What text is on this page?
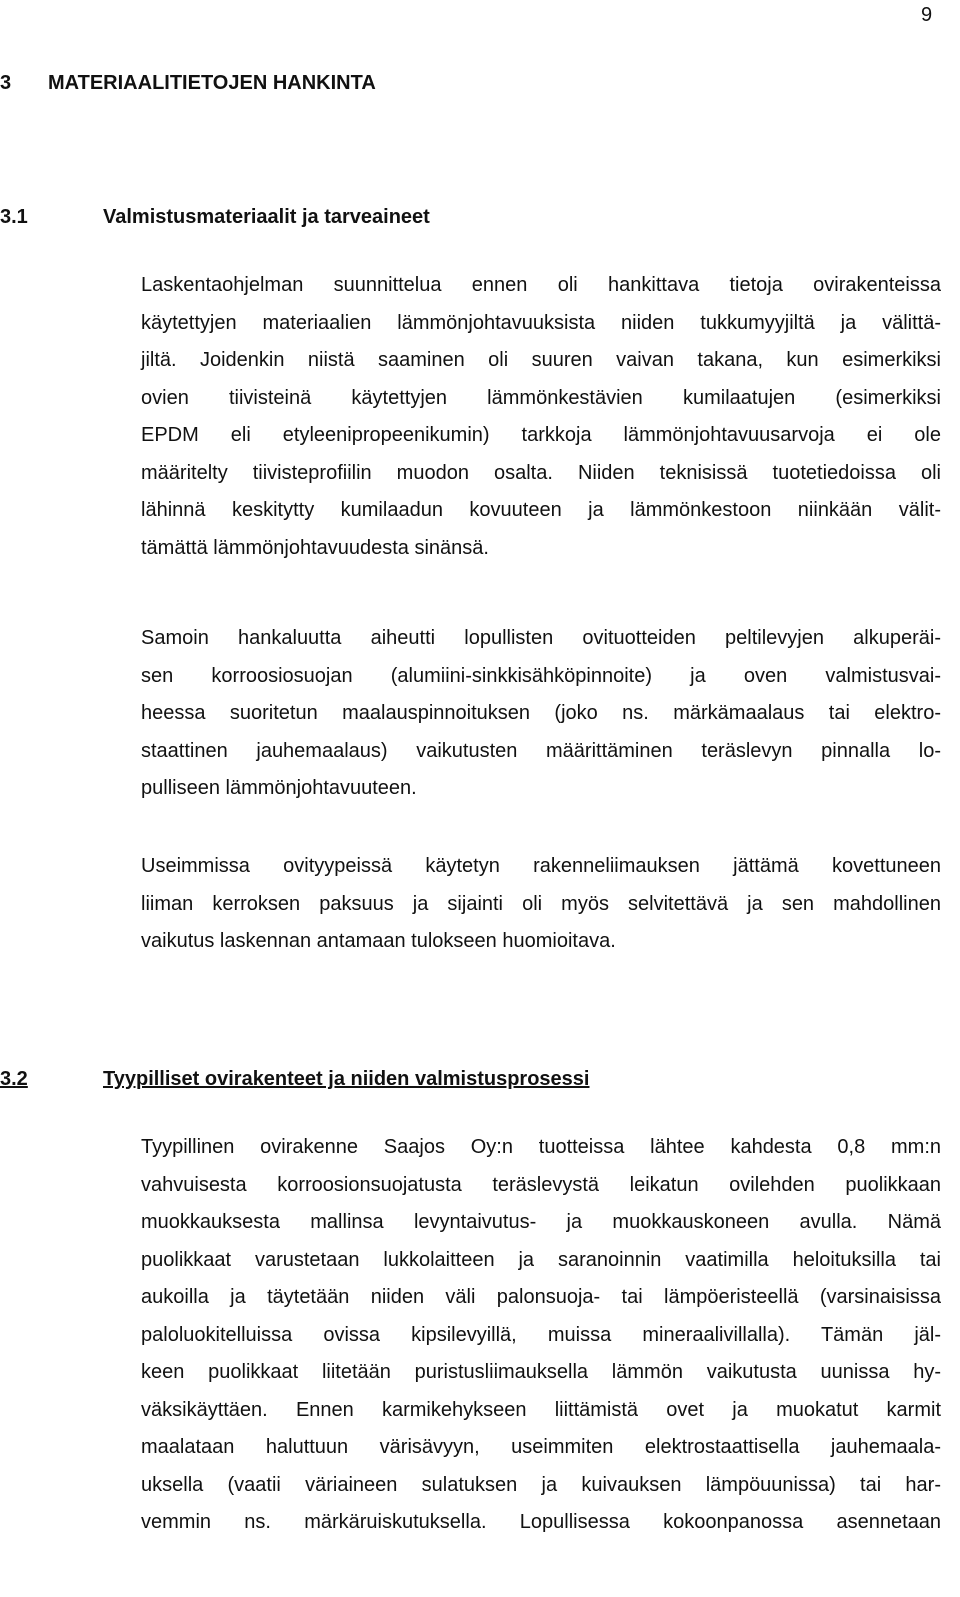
9
3	MATERIAALITIETOJEN HANKINTA
3.1	Valmistusmateriaalit ja tarveaineet

Laskentaohjelman suunnittelua ennen oli hankittava tietoja ovirakenteissa
käytettyjen materiaalien lämmönjohtavuuksista niiden tukkumyyjiltä ja välittä-
jiltä. Joidenkin niistä saaminen oli suuren vaivan takana, kun esimerkiksi
ovien tiivisteinä käytettyjen lämmönkestävien kumilaatujen (esimerkiksi
EPDM eli etyleenipropeenikumin) tarkkoja lämmönjohtavuusarvoja ei ole
määritelty tiivisteprofiilin muodon osalta. Niiden teknisissä tuotetiedoissa oli
lähinnä keskitytty kumilaadun kovuuteen ja lämmönkestoon niinkään välit-
tämättä lämmönjohtavuudesta sinänsä.

Samoin hankaluutta aiheutti lopullisten ovituotteiden peltilevyjen alkuperäi-
sen korroosiosuojan (alumiini-sinkkisähköpinnoite) ja oven valmistusvai-
heessa suoritetun maalauspinnoituksen (joko ns. märkämaalaus tai elektro-
staattinen jauhemaalaus) vaikutusten määrittäminen teräslevyn pinnalla lo-
pulliseen lämmönjohtavuuteen.

Useimmissa ovityypeissä käytetyn rakenneliimauksen jättämä kovettuneen
liiman kerroksen paksuus ja sijainti oli myös selvitettävä ja sen mahdollinen
vaikutus laskennan antamaan tulokseen huomioitava.

3.2	Tyypilliset ovirakenteet ja niiden valmistusprosessi

Tyypillinen ovirakenne Saajos Oy:n tuotteissa lähtee kahdesta 0,8 mm:n
vahvuisesta korroosionsuojatusta teräslevystä leikatun ovilehden puolikkaan
muokkauksesta mallinsa levyntaivutus- ja muokkauskoneen avulla. Nämä
puolikkaat varustetaan lukkolaitteen ja saranoinnin vaatimilla heloituksilla tai
aukoilla ja täytetään niiden väli palonsuoja- tai lämpöeristeellä (varsinaisissa
paloluokitelluissa ovissa kipsilevyillä, muissa mineraalivillalla). Tämän jäl-
keen puolikkaat liitetään puristusliimauksella lämmön vaikutusta uunissa hy-
väksikäyttäen. Ennen karmikehykseen liittämistä ovet ja muokatut karmit
maalataan haluttuun värisävyyn, useimmiten elektrostaattisella jauhemaala-
uksella (vaatii väriaineen sulatuksen ja kuivauksen lämpöuunissa) tai har-
vemmin ns. märkäruiskutuksella. Lopullisessa kokoonpanossa asennetaan
